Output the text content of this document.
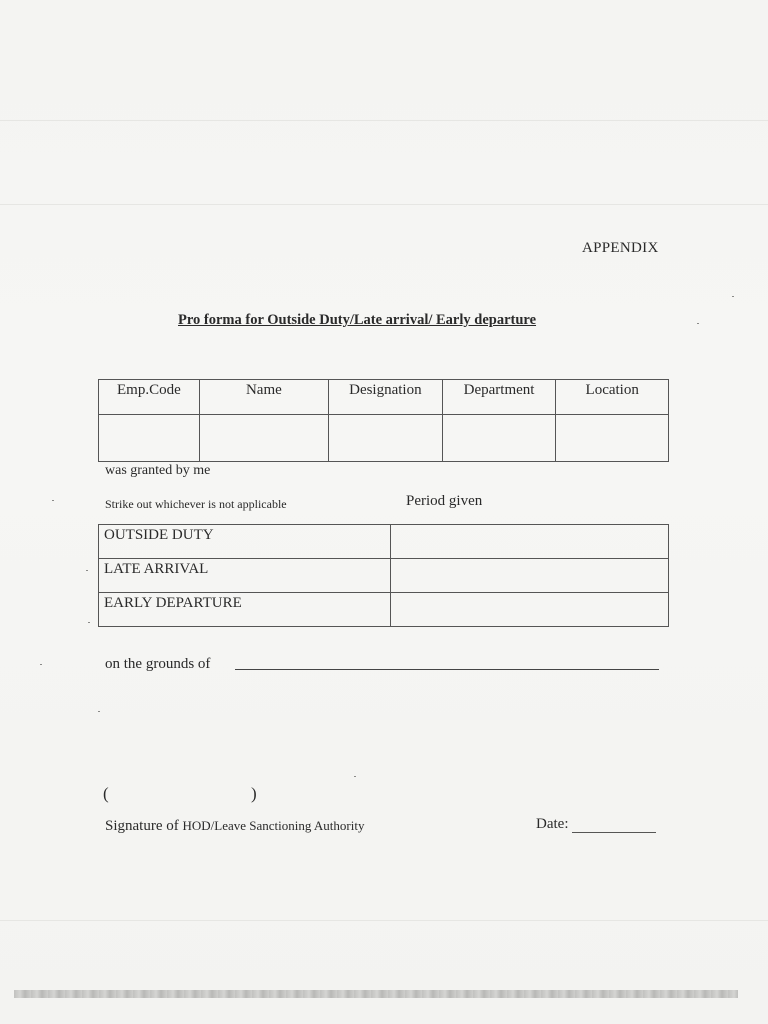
APPENDIX
Pro forma for Outside Duty/Late arrival/ Early departure
Emp.Code	Name	Designation	Department	Location

was granted by me
Strike out whichever is not applicable	Period given
OUTSIDE DUTY	
LATE ARRIVAL	
EARLY DEPARTURE	
on the grounds of
(	)
Signature of HOD/Leave Sanctioning Authority	Date:
